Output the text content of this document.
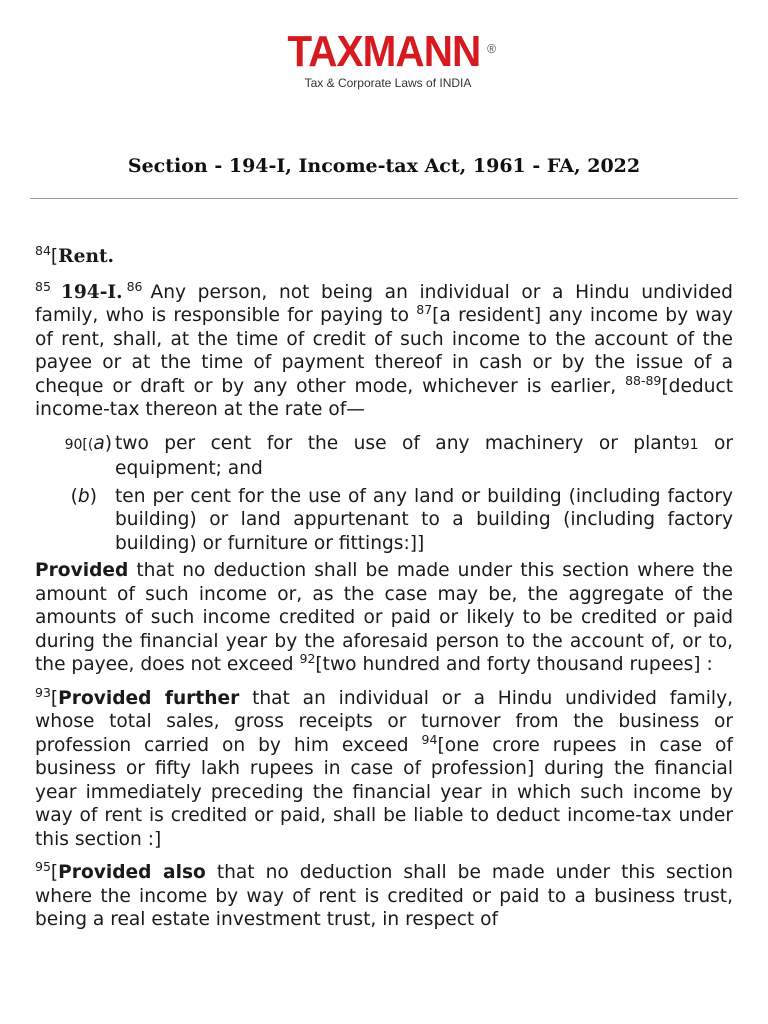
TAXMANN ®
Tax & Corporate Laws of INDIA
Section - 194-I, Income-tax Act, 1961 - FA, 2022

$^{84}$[Rent.

$^{85}$ 194-I. $^{86}$ Any person, not being an individual or a Hindu undivided family, who is responsible for paying to $^{87}$[a resident] any income by way of rent, shall, at the time of credit of such income to the account of the payee or at the time of payment thereof in cash or by the issue of a cheque or draft or by any other mode, whichever is earlier, $^{88-89}$[deduct income-tax thereon at the rate of—

90[(a) two per cent for the use of any machinery or plant91 or equipment; and
(b) ten per cent for the use of any land or building (including factory building) or land appurtenant to a building (including factory building) or furniture or fittings:]]

Provided that no deduction shall be made under this section where the amount of such income or, as the case may be, the aggregate of the amounts of such income credited or paid or likely to be credited or paid during the financial year by the aforesaid person to the account of, or to, the payee, does not exceed $^{92}$[two hundred and forty thousand rupees] :

$^{93}$[Provided further that an individual or a Hindu undivided family, whose total sales, gross receipts or turnover from the business or profession carried on by him exceed $^{94}$[one crore rupees in case of business or fifty lakh rupees in case of profession] during the financial year immediately preceding the financial year in which such income by way of rent is credited or paid, shall be liable to deduct income-tax under this section :]

$^{95}$[Provided also that no deduction shall be made under this section where the income by way of rent is credited or paid to a business trust, being a real estate investment trust, in respect of
